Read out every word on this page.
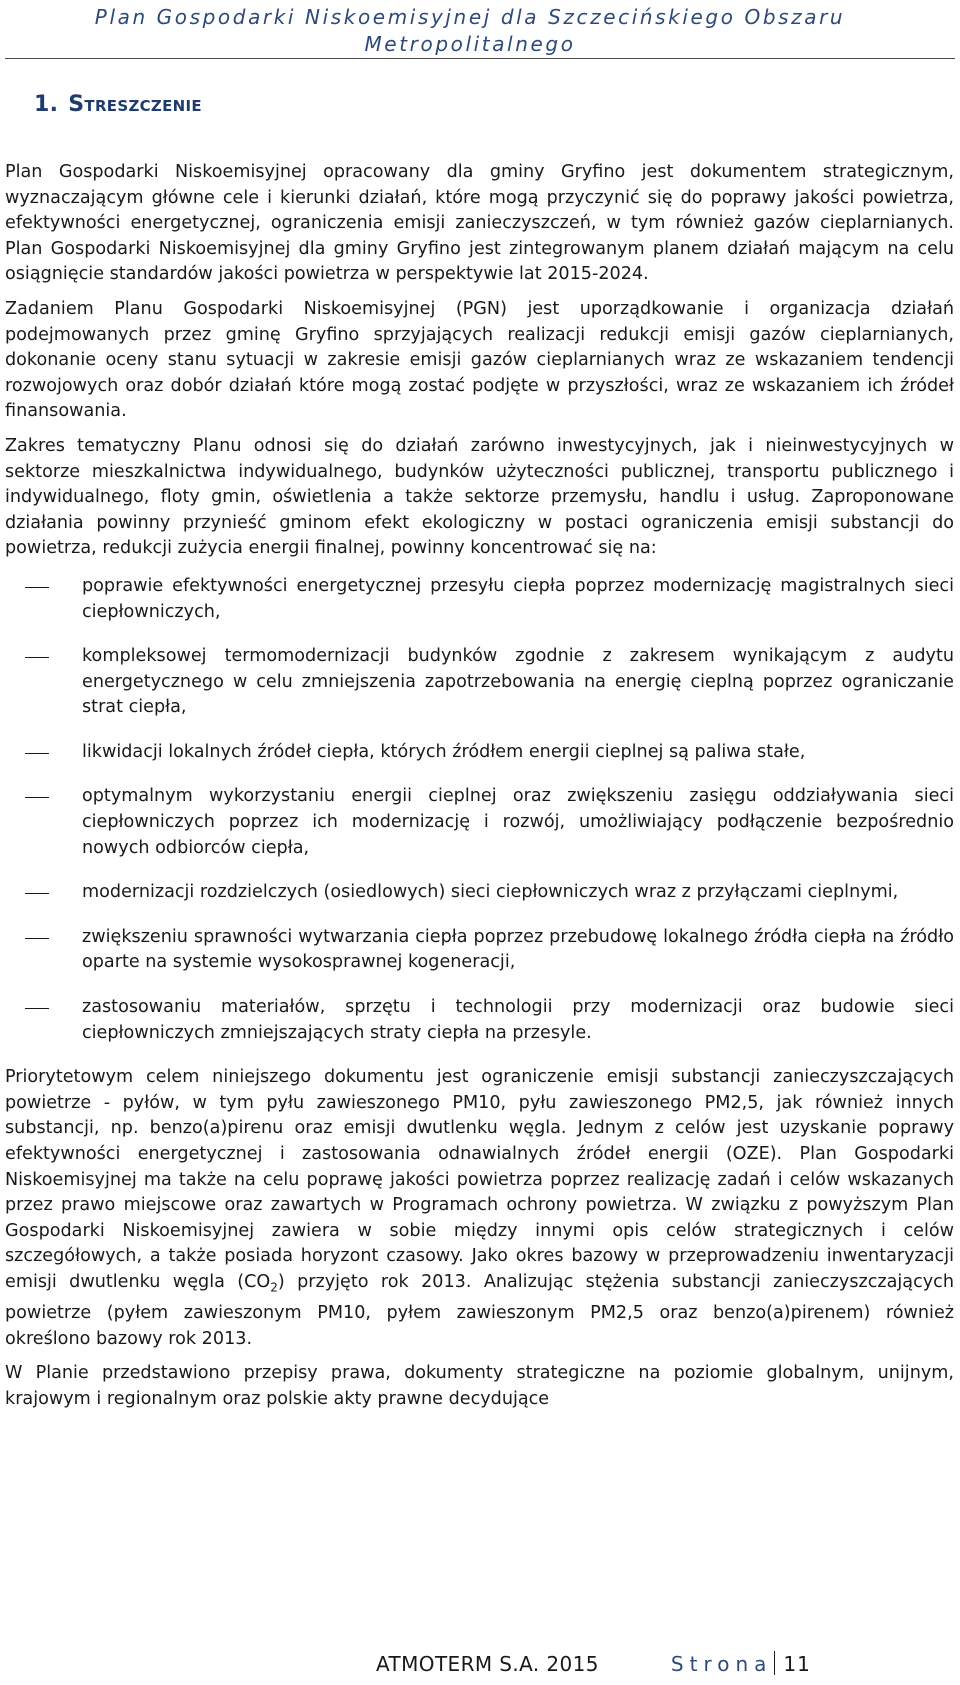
Plan Gospodarki Niskoemisyjnej dla Szczecińskiego Obszaru Metropolitalnego
1. Streszczenie

Plan Gospodarki Niskoemisyjnej opracowany dla gminy Gryfino jest dokumentem strategicznym, wyznaczającym główne cele i kierunki działań, które mogą przyczynić się do poprawy jakości powietrza, efektywności energetycznej, ograniczenia emisji zanieczyszczeń, w tym również gazów cieplarnianych. Plan Gospodarki Niskoemisyjnej dla gminy Gryfino jest zintegrowanym planem działań mającym na celu osiągnięcie standardów jakości powietrza w perspektywie lat 2015-2024.

Zadaniem Planu Gospodarki Niskoemisyjnej (PGN) jest uporządkowanie i organizacja działań podejmowanych przez gminę Gryfino sprzyjających realizacji redukcji emisji gazów cieplarnianych, dokonanie oceny stanu sytuacji w zakresie emisji gazów cieplarnianych wraz ze wskazaniem tendencji rozwojowych oraz dobór działań które mogą zostać podjęte w przyszłości, wraz ze wskazaniem ich źródeł finansowania.

Zakres tematyczny Planu odnosi się do działań zarówno inwestycyjnych, jak i nieinwestycyjnych w sektorze mieszkalnictwa indywidualnego, budynków użyteczności publicznej, transportu publicznego i indywidualnego, floty gmin, oświetlenia a także sektorze przemysłu, handlu i usług. Zaproponowane działania powinny przynieść gminom efekt ekologiczny w postaci ograniczenia emisji substancji do powietrza, redukcji zużycia energii finalnej, powinny koncentrować się na:

poprawie efektywności energetycznej przesyłu ciepła poprzez modernizację magistralnych sieci ciepłowniczych,
kompleksowej termomodernizacji budynków zgodnie z zakresem wynikającym z audytu energetycznego w celu zmniejszenia zapotrzebowania na energię cieplną poprzez ograniczanie strat ciepła,
likwidacji lokalnych źródeł ciepła, których źródłem energii cieplnej są paliwa stałe,
optymalnym wykorzystaniu energii cieplnej oraz zwiększeniu zasięgu oddziaływania sieci ciepłowniczych poprzez ich modernizację i rozwój, umożliwiający podłączenie bezpośrednio nowych odbiorców ciepła,
modernizacji rozdzielczych (osiedlowych) sieci ciepłowniczych wraz z przyłączami cieplnymi,
zwiększeniu sprawności wytwarzania ciepła poprzez przebudowę lokalnego źródła ciepła na źródło oparte na systemie wysokosprawnej kogeneracji,
zastosowaniu materiałów, sprzętu i technologii przy modernizacji oraz budowie sieci ciepłowniczych zmniejszających straty ciepła na przesyle.

Priorytetowym celem niniejszego dokumentu jest ograniczenie emisji substancji zanieczyszczających powietrze - pyłów, w tym pyłu zawieszonego PM10, pyłu zawieszonego PM2,5, jak również innych substancji, np. benzo(a)pirenu oraz emisji dwutlenku węgla. Jednym z celów jest uzyskanie poprawy efektywności energetycznej i zastosowania odnawialnych źródeł energii (OZE). Plan Gospodarki Niskoemisyjnej ma także na celu poprawę jakości powietrza poprzez realizację zadań i celów wskazanych przez prawo miejscowe oraz zawartych w Programach ochrony powietrza. W związku z powyższym Plan Gospodarki Niskoemisyjnej zawiera w sobie między innymi opis celów strategicznych i celów szczegółowych, a także posiada horyzont czasowy. Jako okres bazowy w przeprowadzeniu inwentaryzacji emisji dwutlenku węgla $(CO_2)$ przyjęto rok 2013. Analizując stężenia substancji zanieczyszczających powietrze (pyłem zawieszonym PM10, pyłem zawieszonym PM2,5 oraz benzo(a)pirenem) również określono bazowy rok 2013.

W Planie przedstawiono przepisy prawa, dokumenty strategiczne na poziomie globalnym, unijnym, krajowym i regionalnym oraz polskie akty prawne decydujące

ATMOTERM S.A. 2015	Strona 11
